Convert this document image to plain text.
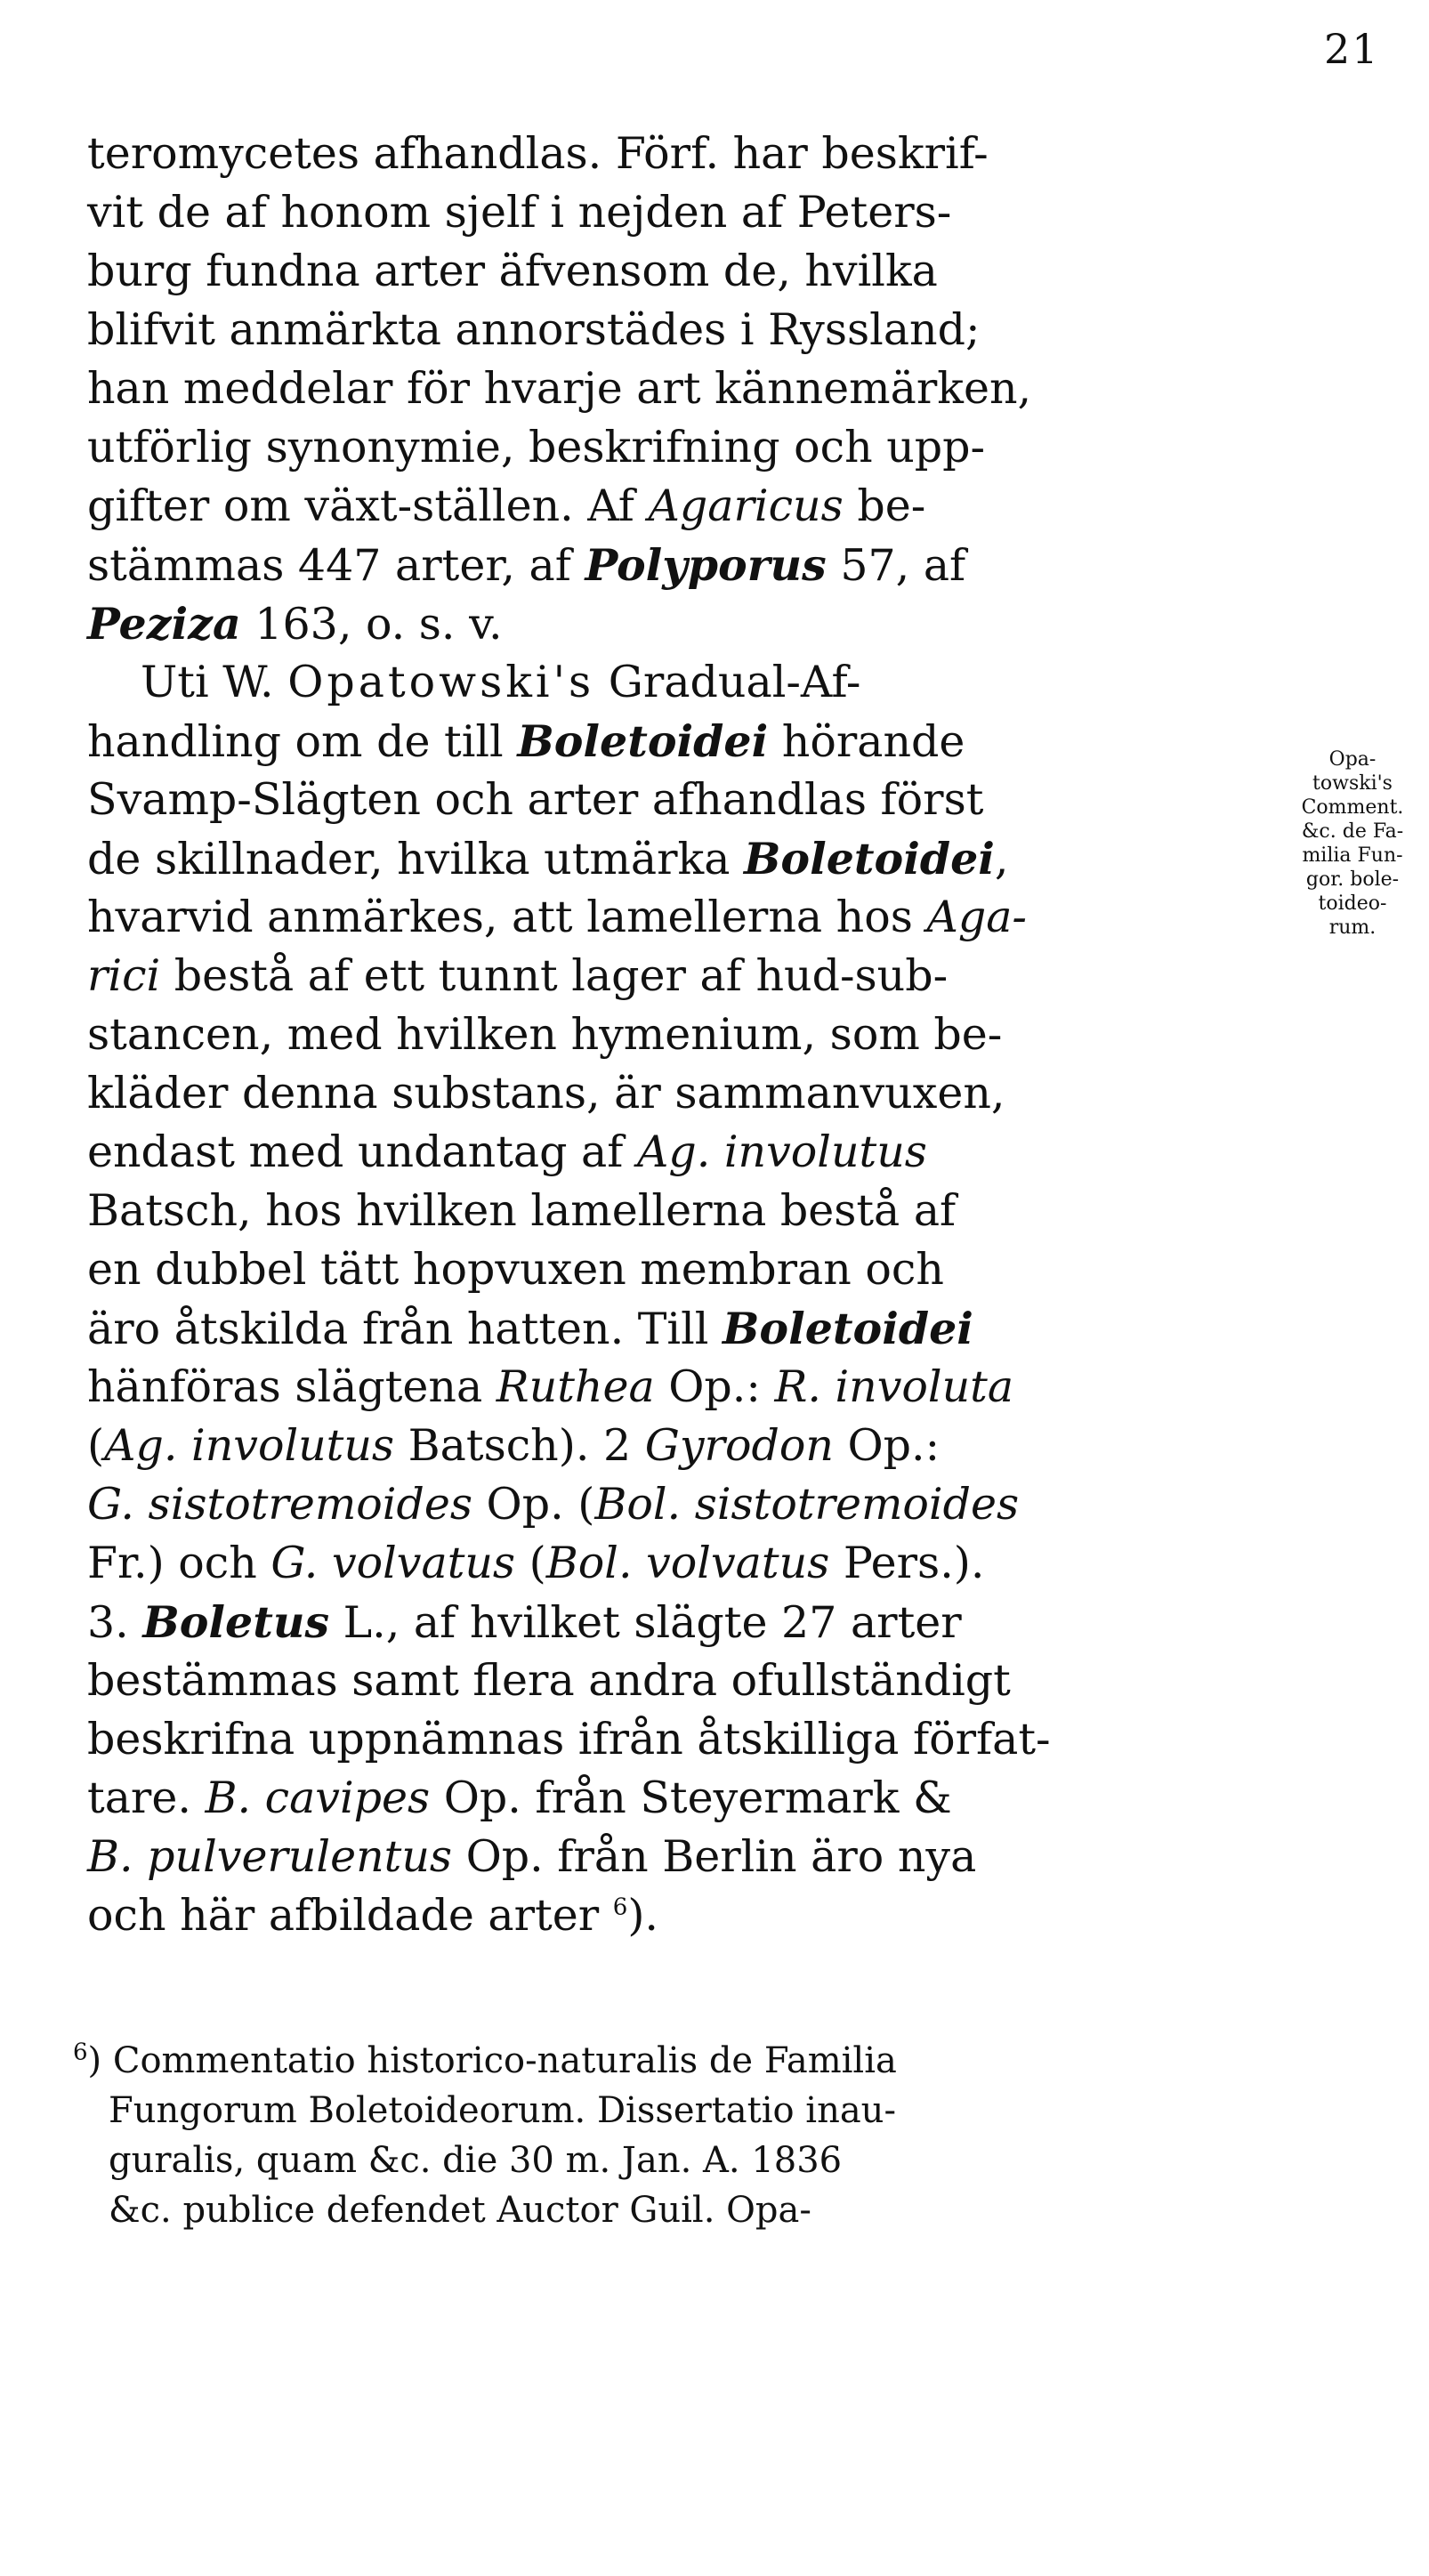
21
teromycetes afhandlas. Förf. har beskrif-
vit de af honom sjelf i nejden af Peters-
burg fundna arter äfvensom de, hvilka
blifvit anmärkta annorstädes i Ryssland;
han meddelar för hvarje art kännemärken,
utförlig synonymie, beskrifning och upp-
gifter om växt-ställen. Af Agaricus be-
stämmas 447 arter, af Polyporus 57, af
Peziza 163, o. s. v.
Uti W. Opatowski's Gradual-Af-
handling om de till Boletoidei hörande
Svamp-Slägten och arter afhandlas först
de skillnader, hvilka utmärka Boletoidei,
hvarvid anmärkes, att lamellerna hos Aga-
rici bestå af ett tunnt lager af hud-sub-
stancen, med hvilken hymenium, som be-
kläder denna substans, är sammanvuxen,
endast med undantag af Ag. involutus
Batsch, hos hvilken lamellerna bestå af
en dubbel tätt hopvuxen membran och
äro åtskilda från hatten. Till Boletoidei
hänföras slägtena Ruthea Op.: R. involuta
(Ag. involutus Batsch). 2 Gyrodon Op.:
G. sistotremoides Op. (Bol. sistotremoides
Fr.) och G. volvatus (Bol. volvatus Pers.).
3. Boletus L., af hvilket slägte 27 arter
bestämmas samt flera andra ofullständigt
beskrifna uppnämnas ifrån åtskilliga förfat-
tare. B. cavipes Op. från Steyermark &
B. pulverulentus Op. från Berlin äro nya
och här afbildade arter $^6$).
Opa-
towski's
Comment.
&c. de Fa-
milia Fun-
gor. bole-
toideo-
rum.
$^6$) Commentatio historico-naturalis de Familia
Fungorum Boletoideorum. Dissertatio inau-
guralis, quam &c. die 30 m. Jan. A. 1836
&c. publice defendet Auctor Guil. Opa-
